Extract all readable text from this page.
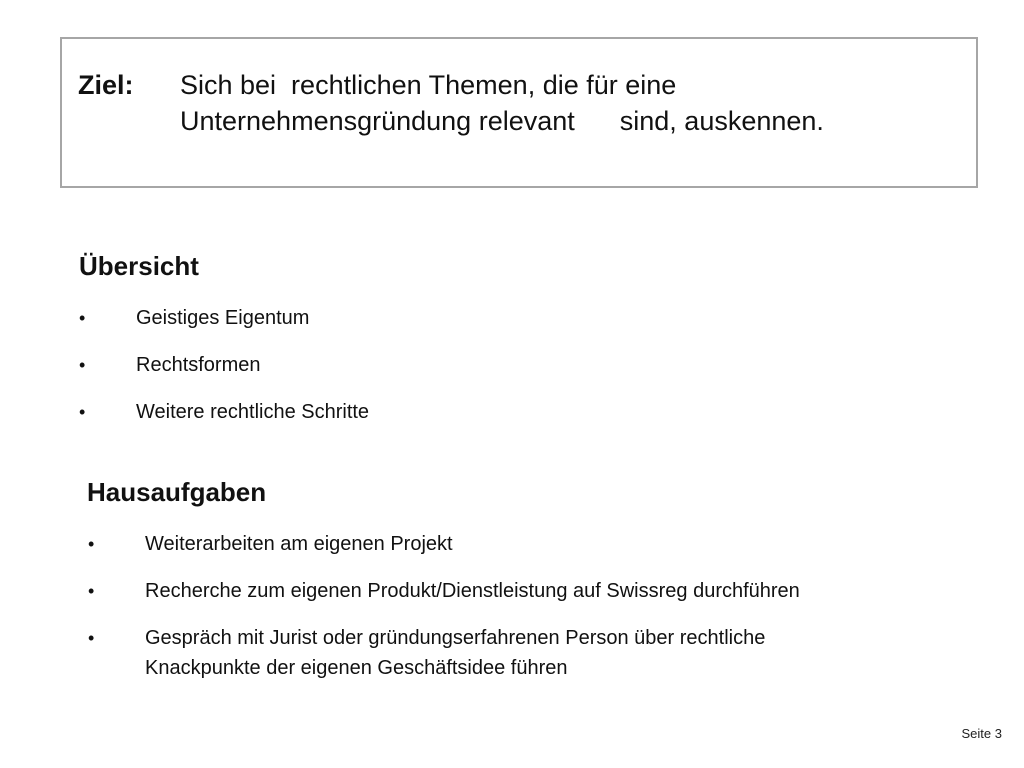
Ziel: Sich bei  rechtlichen Themen, die für eine
Unternehmensgründung relevant      sind, auskennen.
Übersicht
•	Geistiges Eigentum
•	Rechtsformen
•	Weitere rechtliche Schritte
Hausaufgaben
•	Weiterarbeiten am eigenen Projekt
•	Recherche zum eigenen Produkt/Dienstleistung auf Swissreg durchführen
•	Gespräch mit Jurist oder gründungserfahrenen Person über rechtliche Knackpunkte der eigenen Geschäftsidee führen
Seite 3
